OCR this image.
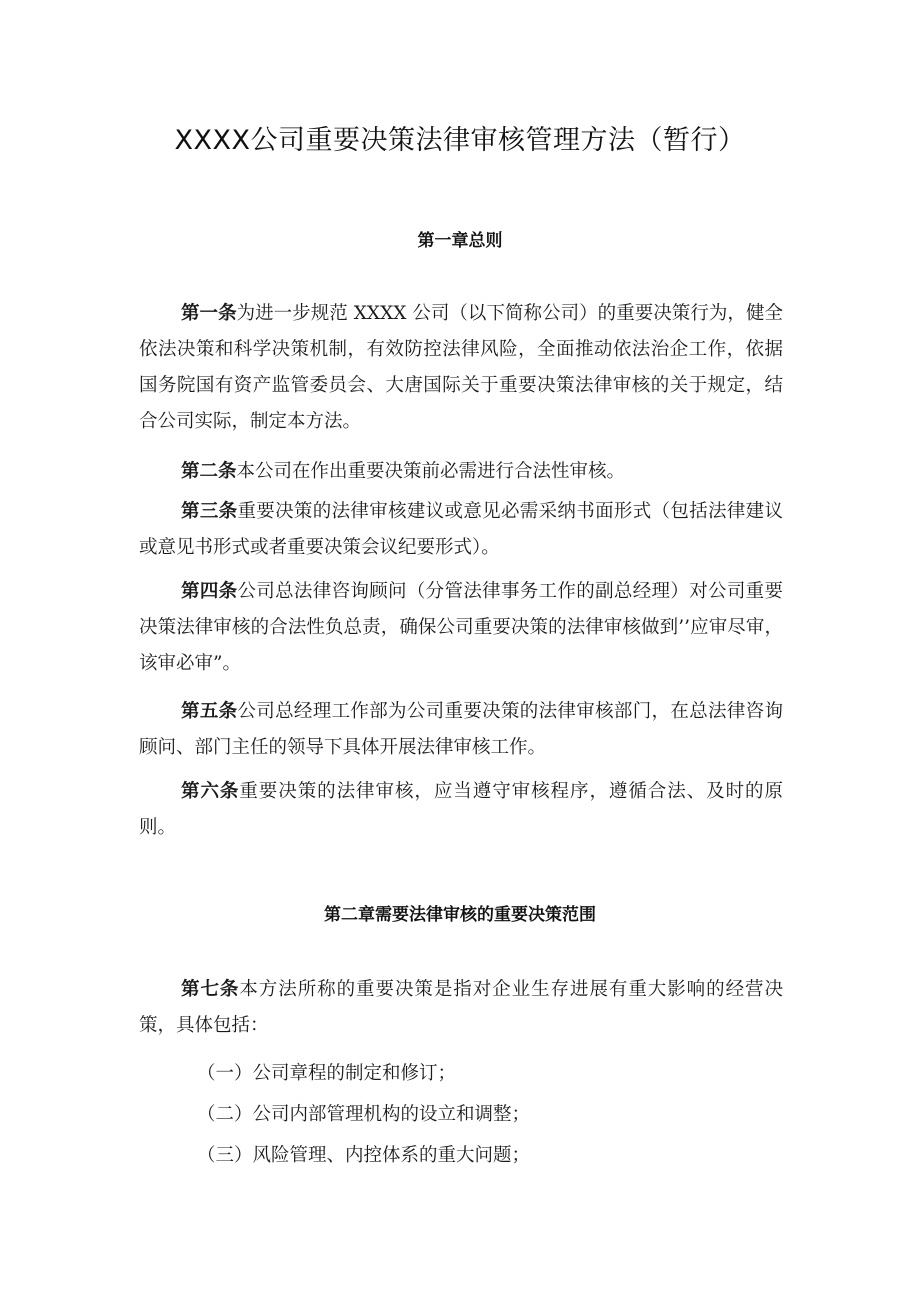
XXXX公司重要决策法律审核管理方法（暂行）
第一章总则

第一条为进一步规范 XXXX 公司（以下简称公司）的重要决策行为，健全依法决策和科学决策机制，有效防控法律风险，全面推动依法治企工作，依据国务院国有资产监管委员会、大唐国际关于重要决策法律审核的关于规定，结合公司实际，制定本方法。

第二条本公司在作出重要决策前必需进行合法性审核。

第三条重要决策的法律审核建议或意见必需采纳书面形式（包括法律建议或意见书形式或者重要决策会议纪要形式）。

第四条公司总法律咨询顾问（分管法律事务工作的副总经理）对公司重要决策法律审核的合法性负总责，确保公司重要决策的法律审核做到’’应审尽审，该审必审”。

第五条公司总经理工作部为公司重要决策的法律审核部门，在总法律咨询顾问、部门主任的领导下具体开展法律审核工作。

第六条重要决策的法律审核，应当遵守审核程序，遵循合法、及时的原则。

第二章需要法律审核的重要决策范围

第七条本方法所称的重要决策是指对企业生存进展有重大影响的经营决策，具体包括：

（一）公司章程的制定和修订；
（二）公司内部管理机构的设立和调整；
（三）风险管理、内控体系的重大问题；
